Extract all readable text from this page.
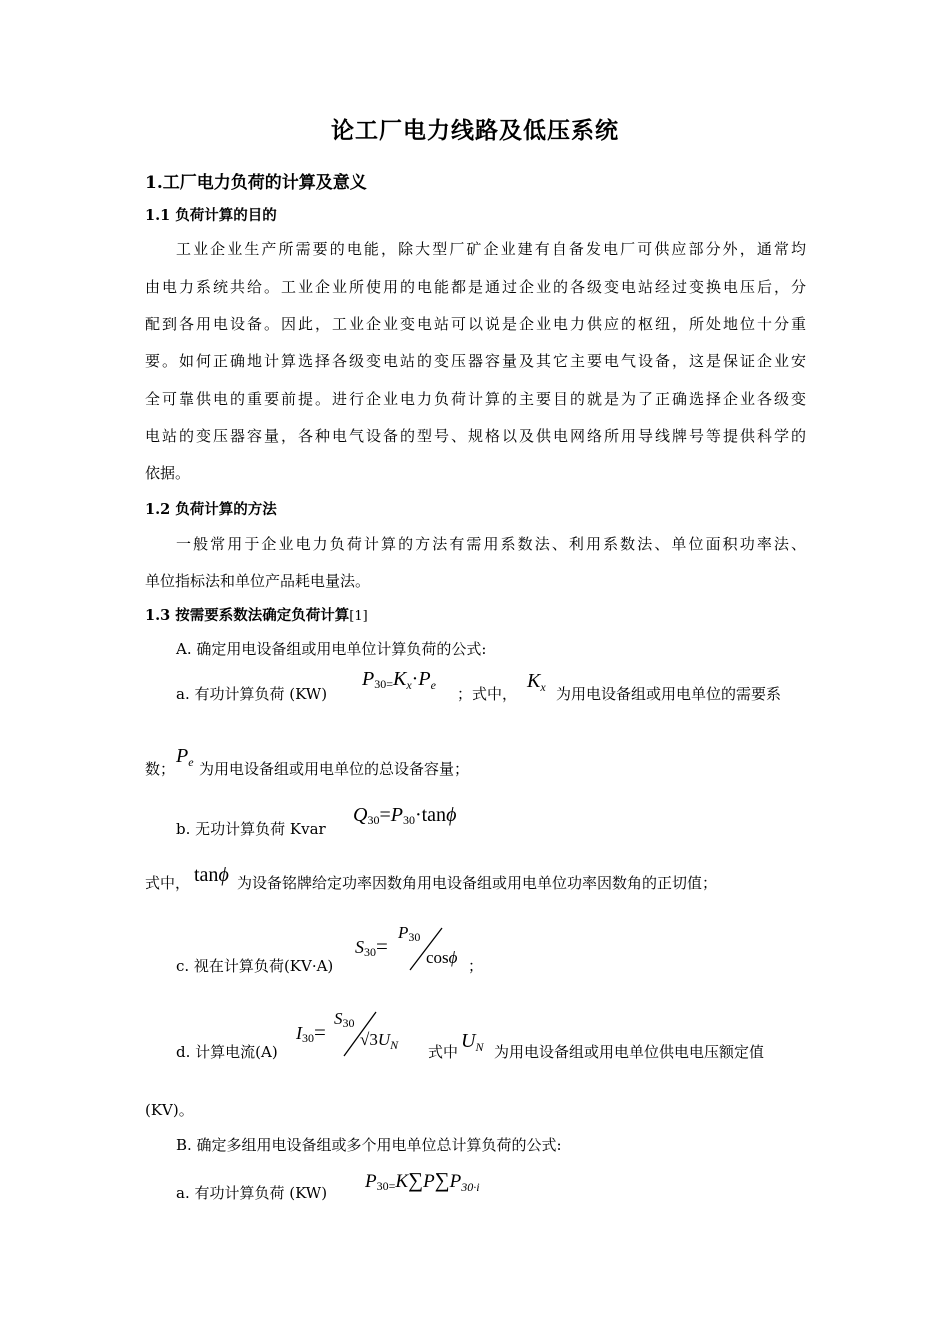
论工厂电力线路及低压系统
1.工厂电力负荷的计算及意义
1.1 负荷计算的目的
工业企业生产所需要的电能，除大型厂矿企业建有自备发电厂可供应部分外，通常均
由电力系统共给。工业企业所使用的电能都是通过企业的各级变电站经过变换电压后，分
配到各用电设备。因此，工业企业变电站可以说是企业电力供应的枢纽，所处地位十分重
要。如何正确地计算选择各级变电站的变压器容量及其它主要电气设备，这是保证企业安
全可靠供电的重要前提。进行企业电力负荷计算的主要目的就是为了正确选择企业各级变
电站的变压器容量，各种电气设备的型号、规格以及供电网络所用导线牌号等提供科学的
依据。
1.2 负荷计算的方法
一般常用于企业电力负荷计算的方法有需用系数法、利用系数法、单位面积功率法、
单位指标法和单位产品耗电量法。
1.3 按需要系数法确定负荷计算[1]
A. 确定用电设备组或用电单位计算负荷的公式:
a. 有功计算负荷 (KW)
$P_{30=}K_x\cdot P_e$ ；式中，
$K_x$ 为用电设备组或用电单位的需要系
数；
$P_e$ 为用电设备组或用电单位的总设备容量；
b. 无功计算负荷 Kvar
$Q_{30}=P_{30}\cdot\tan\phi$
式中， tanϕ 为设备铭牌给定功率因数角用电设备组或用电单位功率因数角的正切值；
c. 视在计算负荷(KV·A)
$S_{30}=$
$P_{30}$
cosϕ ；
d. 计算电流(A)
$I_{30}=$
$S_{30}$
$√3U_N$ 式中 $U_N$ 为用电设备组或用电单位供电电压额定值
(KV)。
B. 确定多组用电设备组或多个用电单位总计算负荷的公式:
a. 有功计算负荷 (KW)
$P_{30=}K\sum P\sum P_{30\cdot i}$
